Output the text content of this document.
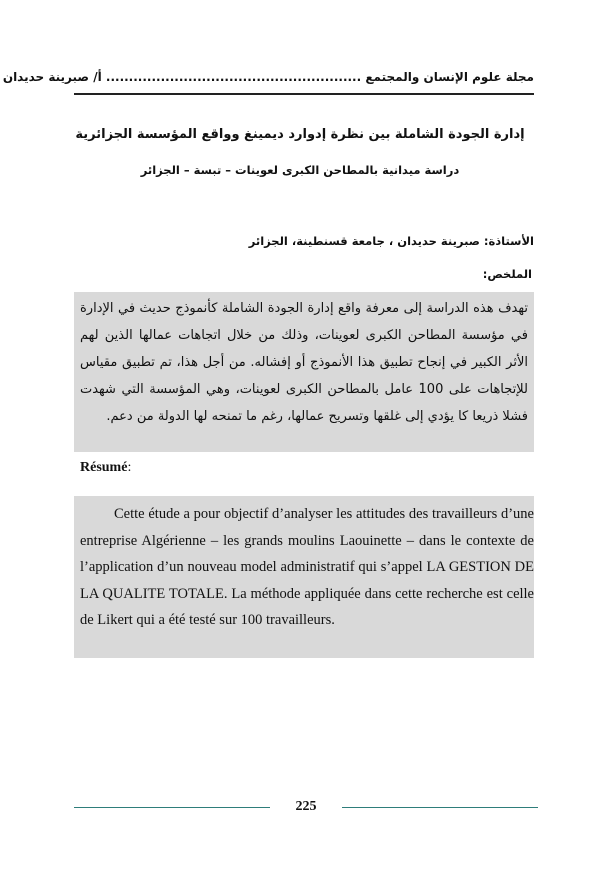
مجلة علوم الإنسان والمجتمع ........................................................ أ/ صبرينة حديدان
إدارة الجودة الشاملة بين نظرة إدوارد ديمينغ وواقع المؤسسة الجزائرية
دراسة ميدانية بالمطاحن الكبرى لعوينات – تبسة – الجزائر
الأستاذة: صبرينة حديدان ، جامعة قسنطينة، الجزائر
الملخص:
تهدف هذه الدراسة إلى معرفة واقع إدارة الجودة الشاملة كأنموذج حديث في الإدارة في مؤسسة المطاحن الكبرى لعوينات، وذلك من خلال اتجاهات عمالها الذين لهم الأثر الكبير في إنجاح تطبيق هذا الأنموذج أو إفشاله. من أجل هذا، تم تطبيق مقياس للإتجاهات على 100 عامل بالمطاحن الكبرى لعوينات، وهي المؤسسة التي شهدت فشلا ذريعا كا يؤدي إلى غلقها وتسريح عمالها، رغم ما تمنحه لها الدولة من دعم.
Résumé:

Cette étude a pour objectif d’analyser les attitudes des travailleurs d’une entreprise Algérienne – les grands moulins Laouinette – dans le contexte de l’application d’un nouveau model administratif qui s’appel LA GESTION DE LA QUALITE TOTALE. La méthode appliquée dans cette recherche est celle de Likert qui a été testé sur 100 travailleurs.

225
